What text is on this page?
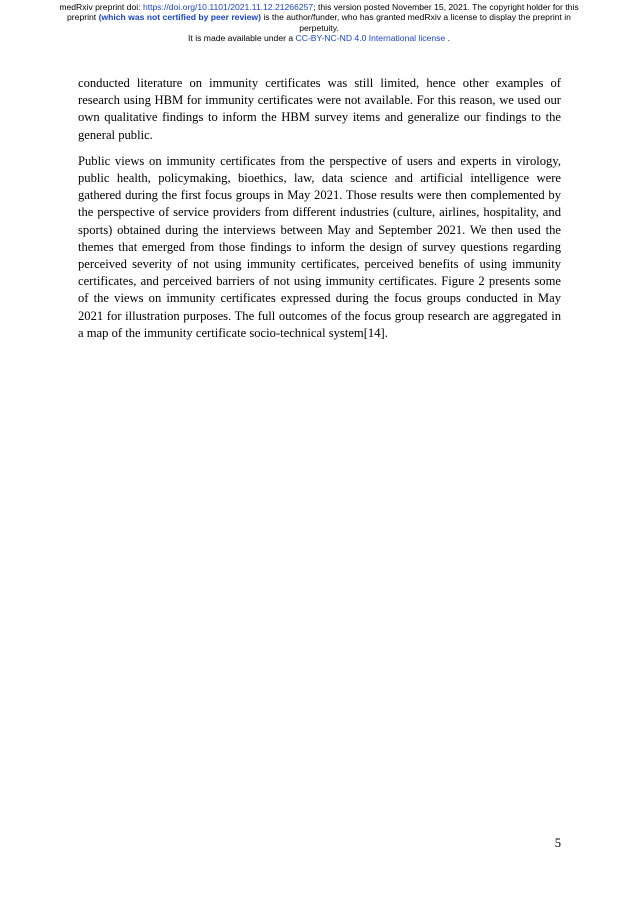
medRxiv preprint doi: https://doi.org/10.1101/2021.11.12.21266257; this version posted November 15, 2021. The copyright holder for this
preprint (which was not certified by peer review) is the author/funder, who has granted medRxiv a license to display the preprint in
perpetuity.
It is made available under a CC-BY-NC-ND 4.0 International license .

conducted literature on immunity certificates was still limited, hence other examples of research using HBM for immunity certificates were not available. For this reason, we used our own qualitative findings to inform the HBM survey items and generalize our findings to the general public.

Public views on immunity certificates from the perspective of users and experts in virology, public health, policymaking, bioethics, law, data science and artificial intelligence were gathered during the first focus groups in May 2021. Those results were then complemented by the perspective of service providers from different industries (culture, airlines, hospitality, and sports) obtained during the interviews between May and September 2021. We then used the themes that emerged from those findings to inform the design of survey questions regarding perceived severity of not using immunity certificates, perceived benefits of using immunity certificates, and perceived barriers of not using immunity certificates. Figure 2 presents some of the views on immunity certificates expressed during the focus groups conducted in May 2021 for illustration purposes. The full outcomes of the focus group research are aggregated in a map of the immunity certificate socio-technical system[14].

5
